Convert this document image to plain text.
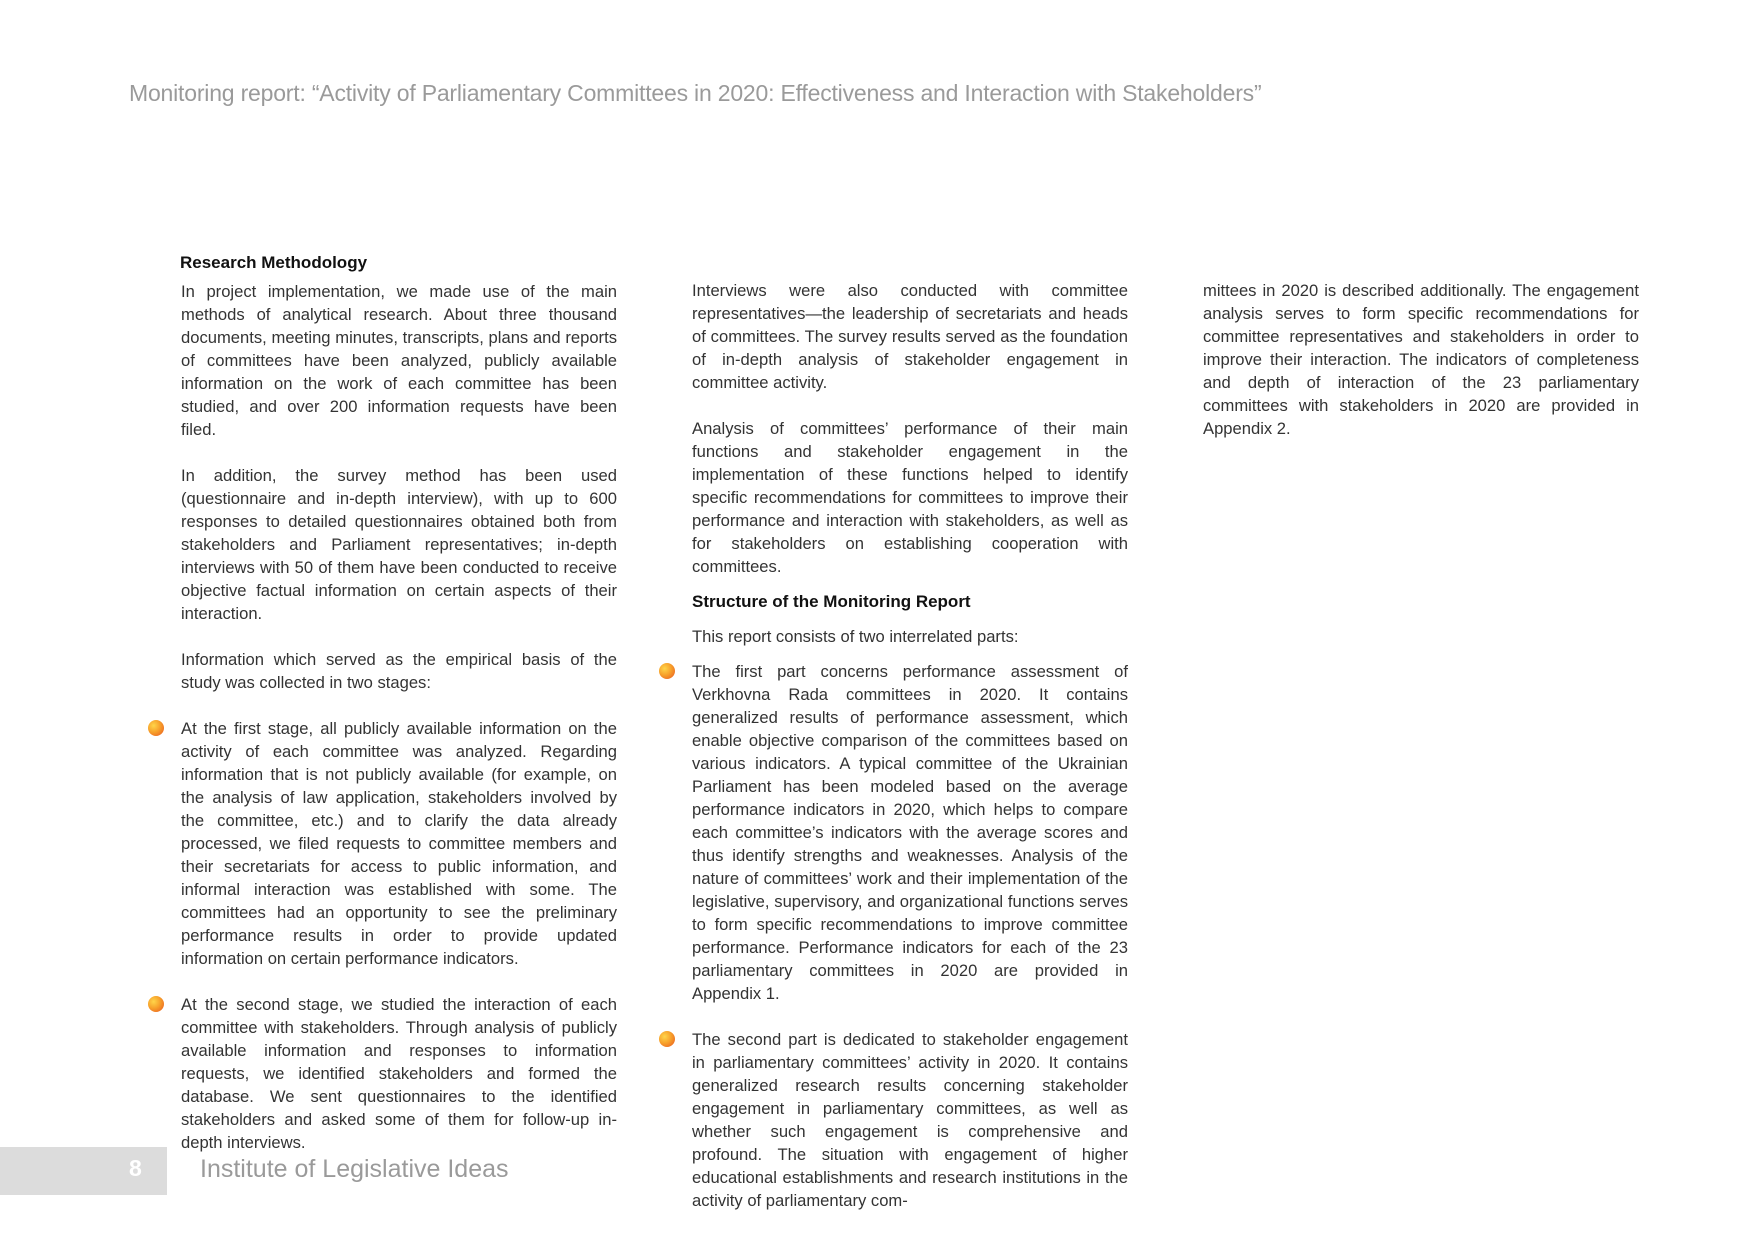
Monitoring report: “Activity of Parliamentary Committees in 2020: Effectiveness and Interaction with Stakeholders”

Research Methodology

In project implementation, we made use of the main methods of analytical research. About three thousand documents, meeting minutes, transcripts, plans and reports of committees have been analyzed, publicly available information on the work of each committee has been studied, and over 200 information requests have been filed.

In addition, the survey method has been used (questionnaire and in-depth interview), with up to 600 responses to detailed questionnaires obtained both from stakeholders and Parliament representatives; in-depth interviews with 50 of them have been conducted to receive objective factual information on certain aspects of their interaction.

Information which served as the empirical basis of the study was collected in two stages:

At the first stage, all publicly available information on the activity of each committee was analyzed. Regarding information that is not publicly available (for example, on the analysis of law application, stakeholders involved by the committee, etc.) and to clarify the data already processed, we filed requests to committee members and their secretariats for access to public information, and informal interaction was established with some. The committees had an opportunity to see the preliminary performance results in order to provide updated information on certain performance indicators.

At the second stage, we studied the interaction of each committee with stakeholders. Through analysis of publicly available information and responses to information requests, we identified stakeholders and formed the database. We sent questionnaires to the identified stakeholders and asked some of them for follow-up in-depth interviews.

Interviews were also conducted with committee representatives—the leadership of secretariats and heads of committees. The survey results served as the foundation of in-depth analysis of stakeholder engagement in committee activity.

Analysis of committees’ performance of their main functions and stakeholder engagement in the implementation of these functions helped to identify specific recommendations for committees to improve their performance and interaction with stakeholders, as well as for stakeholders on establishing cooperation with committees.

Structure of the Monitoring Report

This report consists of two interrelated parts:

The first part concerns performance assessment of Verkhovna Rada committees in 2020. It contains generalized results of performance assessment, which enable objective comparison of the committees based on various indicators. A typical committee of the Ukrainian Parliament has been modeled based on the average performance indicators in 2020, which helps to compare each committee’s indicators with the average scores and thus identify strengths and weaknesses. Analysis of the nature of committees’ work and their implementation of the legislative, supervisory, and organizational functions serves to form specific recommendations to improve committee performance. Performance indicators for each of the 23 parliamentary committees in 2020 are provided in Appendix 1.

The second part is dedicated to stakeholder engagement in parliamentary committees’ activity in 2020. It contains generalized research results concerning stakeholder engagement in parliamentary committees, as well as whether such engagement is comprehensive and profound. The situation with engagement of higher educational establishments and research institutions in the activity of parliamentary com-

mittees in 2020 is described additionally. The engagement analysis serves to form specific recommendations for committee representatives and stakeholders in order to improve their interaction. The indicators of completeness and depth of interaction of the 23 parliamentary committees with stakeholders in 2020 are provided in Appendix 2.

8 Institute of Legislative Ideas
